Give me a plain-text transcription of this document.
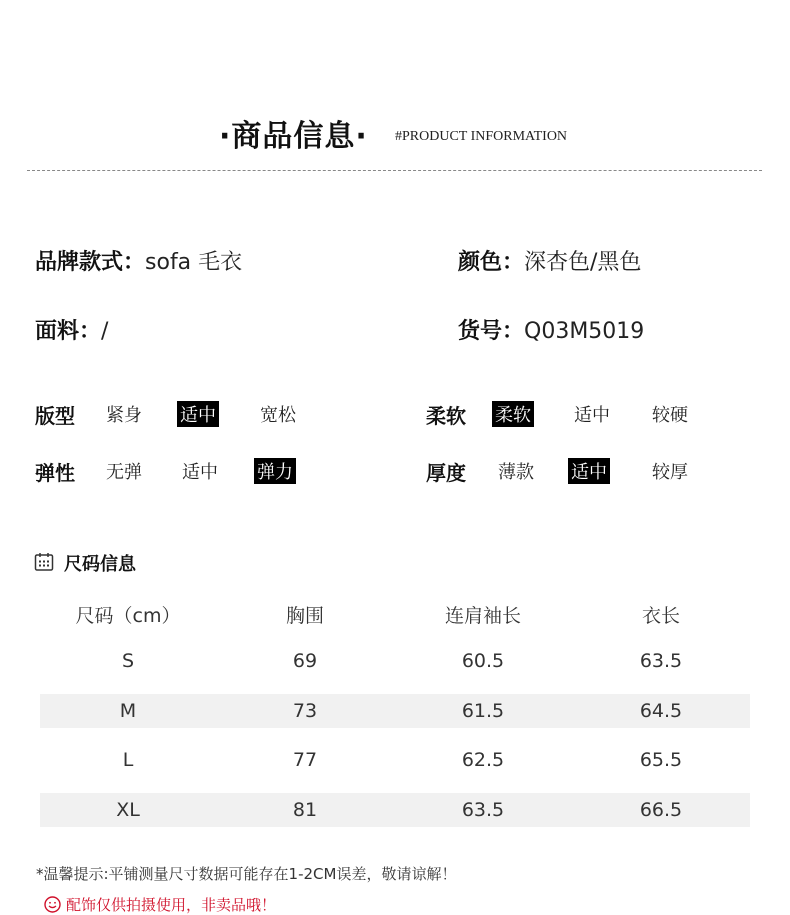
·商品信息· #PRODUCT INFORMATION
品牌款式：sofa 毛衣	颜色：深杏色/黑色
面料：/	货号：Q03M5019
版型 紧身 适中 宽松	柔软 柔软 适中 较硬
弹性 无弹 适中 弹力	厚度 薄款 适中	较厚
尺码信息
尺码（cm）	胸围	连肩袖长	衣长
S	69	60.5	63.5
M	73	61.5	64.5
L	77	62.5	65.5
XL	81	63.5	66.5
*温馨提示:平铺测量尺寸数据可能存在1-2CM误差，敬请谅解！
配饰仅供拍摄使用，非卖品哦！
